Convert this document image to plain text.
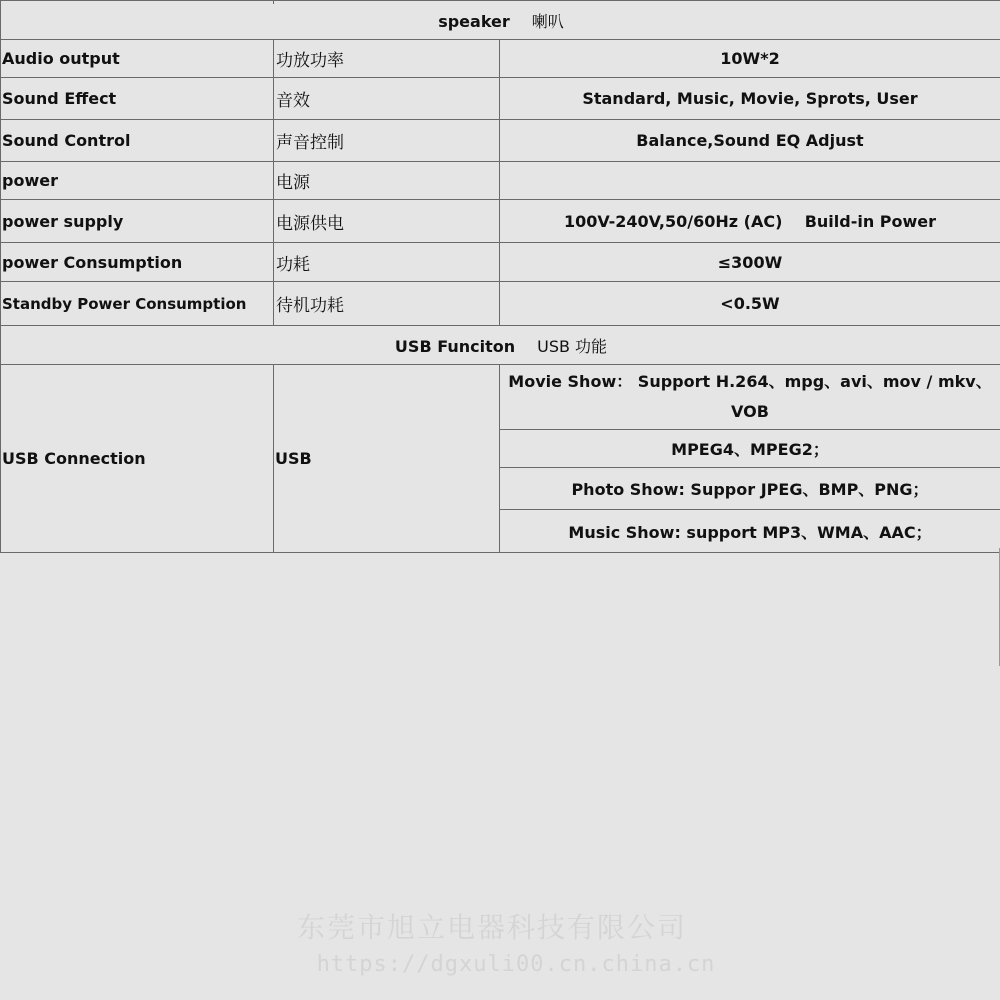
speaker 喇叭		
Audio output	功放功率	10W*2
Sound Effect	音效	Standard, Music, Movie, Sprots, User
Sound Control	声音控制	Balance,Sound EQ Adjust
power	电源	
power supply	电源供电	100V-240V,50/60Hz (AC)    Build-in Power
power Consumption	功耗	≤300W
Standby Power Consumption	待机功耗	<0.5W
USB Funciton USB 功能		
USB Connection	USB	Movie Show： Support H.264、mpg、avi、mov / mkv、VOB
		MPEG4、MPEG2；
		Photo Show: Suppor JPEG、BMP、PNG；
		Music Show: support MP3、WMA、AAC；
东莞市旭立电器科技有限公司
https://dgxuli00.cn.china.cn
